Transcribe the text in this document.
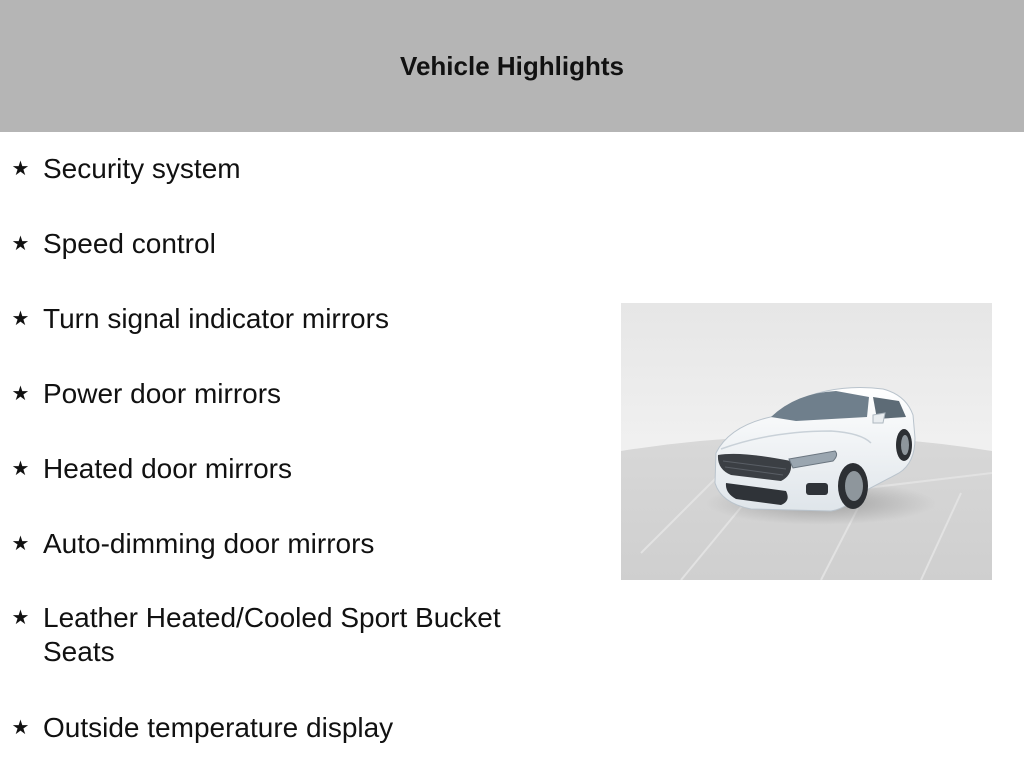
Vehicle Highlights
★ Security system
★ Speed control
★ Turn signal indicator mirrors
★ Power door mirrors
★ Heated door mirrors
★ Auto-dimming door mirrors
★ Leather Heated/Cooled Sport Bucket Seats
★ Outside temperature display
